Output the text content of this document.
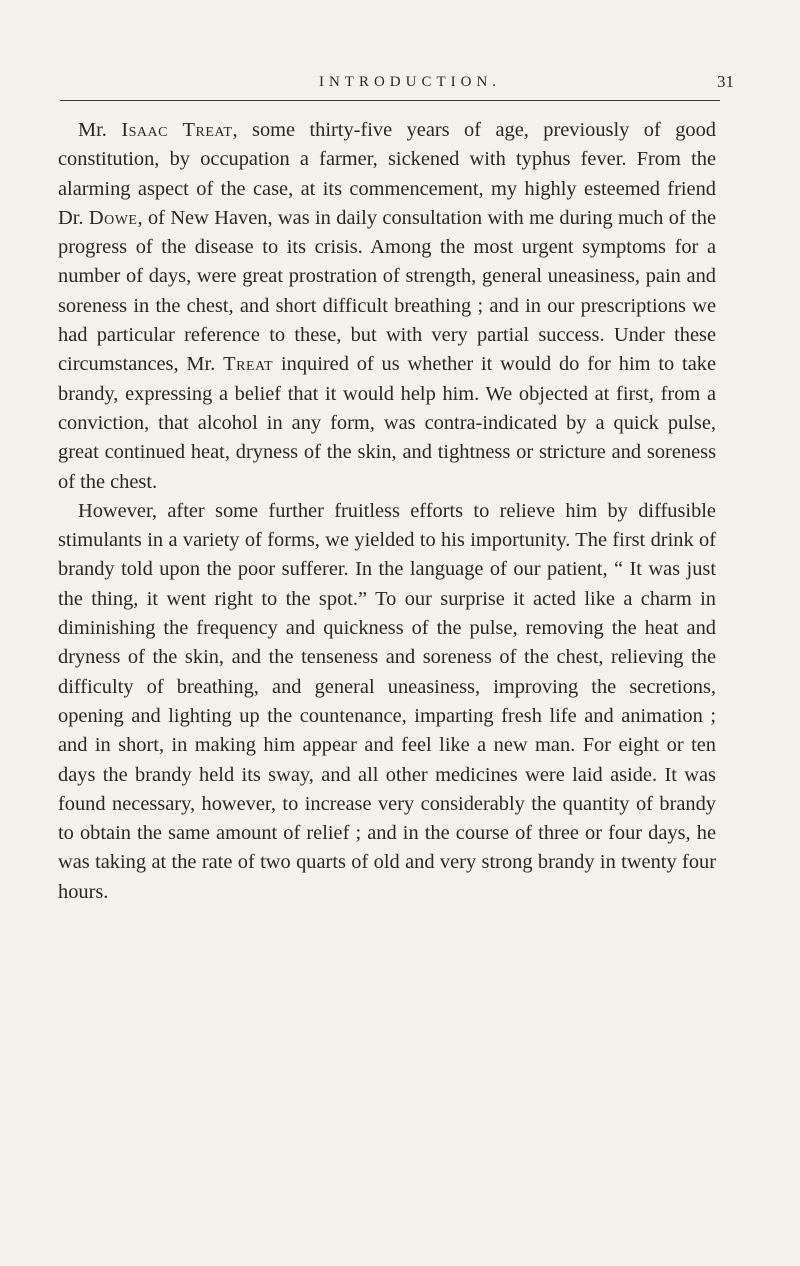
INTRODUCTION.	31

Mr. Isaac Treat, some thirty-five years of age, previously of good constitution, by occupation a farmer, sickened with typhus fever. From the alarming aspect of the case, at its commencement, my highly esteemed friend Dr. Dowe, of New Haven, was in daily consultation with me during much of the progress of the disease to its crisis. Among the most urgent symptoms for a number of days, were great prostration of strength, general uneasiness, pain and soreness in the chest, and short difficult breathing ; and in our prescriptions we had particular reference to these, but with very partial success. Under these circumstances, Mr. Treat inquired of us whether it would do for him to take brandy, expressing a belief that it would help him. We objected at first, from a conviction, that alcohol in any form, was contra-indicated by a quick pulse, great continued heat, dryness of the skin, and tightness or stricture and soreness of the chest.

However, after some further fruitless efforts to relieve him by diffusible stimulants in a variety of forms, we yielded to his importunity. The first drink of brandy told upon the poor sufferer. In the language of our patient, “ It was just the thing, it went right to the spot.” To our surprise it acted like a charm in diminishing the frequency and quickness of the pulse, removing the heat and dryness of the skin, and the tenseness and soreness of the chest, relieving the difficulty of breathing, and general uneasiness, improving the secretions, opening and lighting up the countenance, imparting fresh life and animation ; and in short, in making him appear and feel like a new man. For eight or ten days the brandy held its sway, and all other medicines were laid aside. It was found necessary, however, to increase very considerably the quantity of brandy to obtain the same amount of relief ; and in the course of three or four days, he was taking at the rate of two quarts of old and very strong brandy in twenty four hours.
